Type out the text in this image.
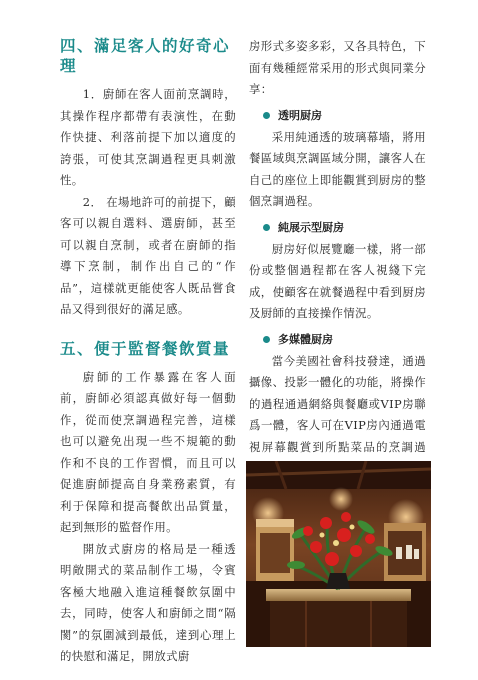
四、滿足客人的好奇心理

1．廚師在客人面前烹調時，其操作程序都帶有表演性，在動作快捷、利落前提下加以適度的誇張，可使其烹調過程更具刺激性。

2． 在場地許可的前提下，顧客可以親自選料、選廚師，甚至可以親自烹制，或者在廚師的指導下烹制，制作出自己的“作品”，這樣就更能使客人既品嘗食品又得到很好的滿足感。

五、便于監督餐飲質量

廚師的工作暴露在客人面前，廚師必須認真做好每一個動作，從而使烹調過程完善，這樣也可以避免出現一些不規範的動作和不良的工作習慣，而且可以促進廚師提高自身業務素質，有利于保障和提高餐飲出品質量，起到無形的監督作用。

開放式廚房的格局是一種透明敞開式的菜品制作工場，令賓客極大地融入進這種餐飲氛圍中去，同時，使客人和廚師之間“隔閡”的氛圍減到最低，達到心理上的快慰和滿足，開放式廚

房形式多姿多彩，又各具特色，下面有幾種經常采用的形式與同業分享：

透明厨房

采用純通透的玻璃幕墻，將用餐區域與烹調區域分開，讓客人在自己的座位上即能觀賞到厨房的整個烹調過程。

純展示型厨房

厨房好似展覽廳一樣，將一部份或整個過程都在客人視綫下完成，使顧客在就餐過程中看到厨房及厨師的直接操作情況。

多媒體厨房

當今美國社會科技發達，通過攝像、投影一體化的功能，將操作的過程通過網絡與餐廳或VIP房聯爲一體，客人可在VIP房內通過電視屏幕觀賞到所點菜品的烹調過
